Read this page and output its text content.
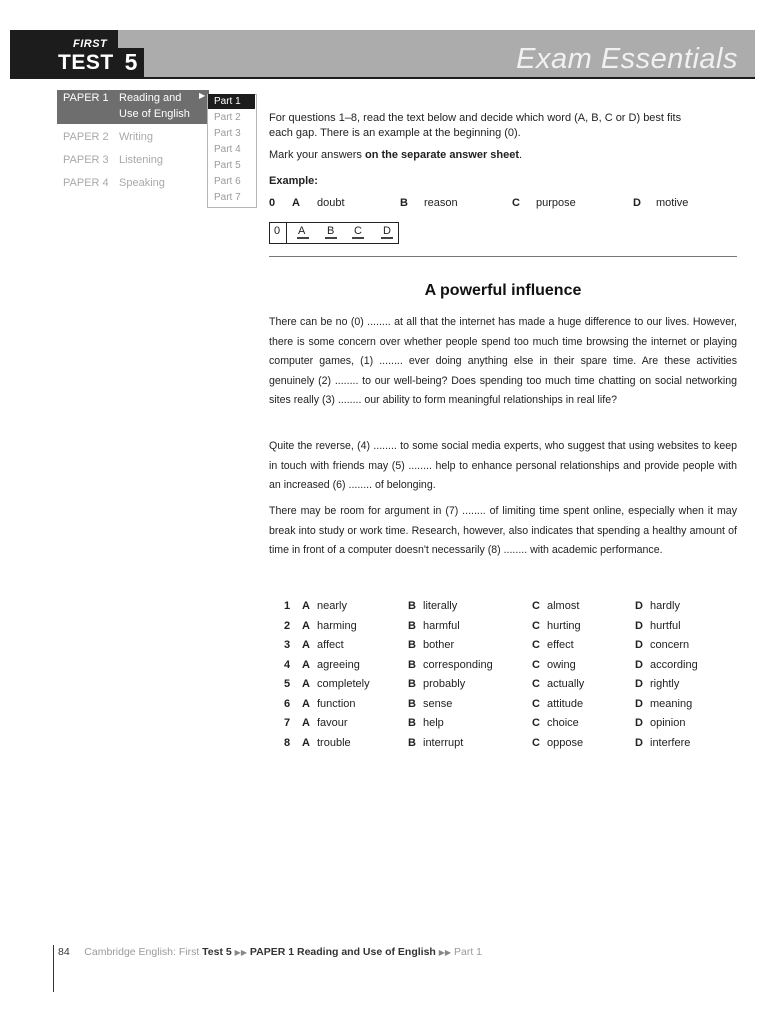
FIRST
TEST 5	Exam Essentials
PAPER 1 Reading and
Use of English
▶
PAPER 2 Writing
PAPER 3 Listening
PAPER 4 Speaking
Part 1
Part 2
Part 3
Part 4
Part 5
Part 6
Part 7
For questions 1–8, read the text below and decide which word (A, B, C or D) best fits
each gap. There is an example at the beginning (0).
Mark your answers on the separate answer sheet.
Example:
0 A doubt	B reason	C purpose	D motive
0 A B C D
A powerful influence
There can be no (0) ........ at all that the internet has made a huge difference to our lives. However, there is some concern over whether people spend too much time browsing the internet or playing computer games, (1) ........ ever doing anything else in their spare time. Are these activities genuinely (2) ........ to our well-being? Does spending too much time chatting on social networking sites really (3) ........ our ability to form meaningful relationships in real life?
Quite the reverse, (4) ........ to some social media experts, who suggest that using websites to keep in touch with friends may (5) ........ help to enhance personal relationships and provide people with an increased (6) ........ of belonging.
There may be room for argument in (7) ........ of limiting time spent online, especially when it may break into study or work time. Research, however, also indicates that spending a healthy amount of time in front of a computer doesn't necessarily (8) ........ with academic performance.
1 A nearly	B literally	C almost	D hardly
2 A harming	B harmful	C hurting	D hurtful
3 A affect	B bother	C effect	D concern
4 A agreeing	B corresponding	C owing	D according
5 A completely	B probably	C actually	D rightly
6 A function	B sense	C attitude	D meaning
7 A favour	B help	C choice	D opinion
8 A trouble	B interrupt	C oppose	D interfere
84 Cambridge English: First Test 5 ▶▶ PAPER 1 Reading and Use of English ▶▶ Part 1
